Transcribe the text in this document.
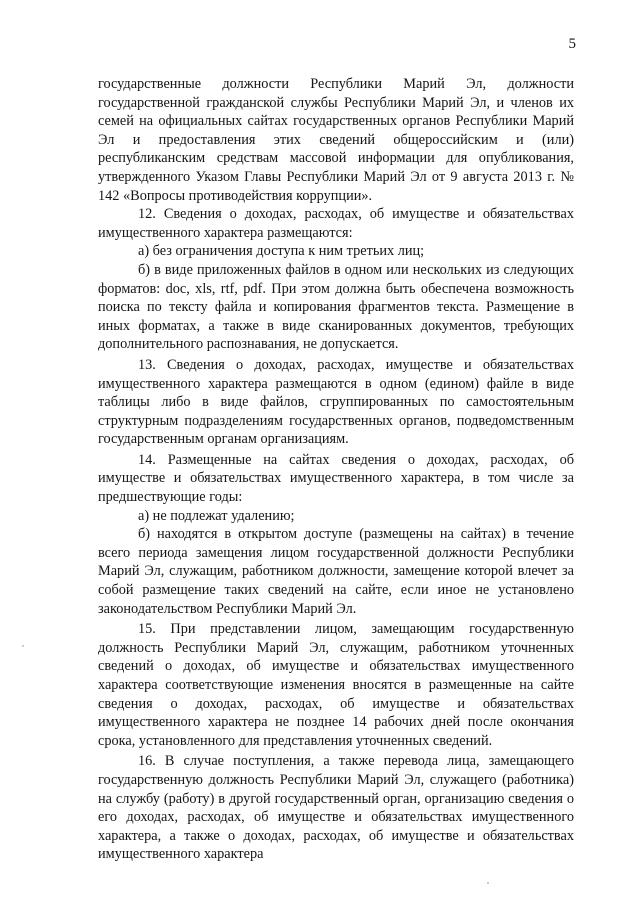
5

государственные должности Республики Марий Эл, должности государственной гражданской службы Республики Марий Эл, и членов их семей на официальных сайтах государственных органов Республики Марий Эл и предоставления этих сведений общероссийским и (или) республиканским средствам массовой информации для опубликования, утвержденного Указом Главы Республики Марий Эл от 9 августа 2013 г. № 142 «Вопросы противодействия коррупции».

12. Сведения о доходах, расходах, об имуществе и обязательствах имущественного характера размещаются:

а) без ограничения доступа к ним третьих лиц;

б) в виде приложенных файлов в одном или нескольких из следующих форматов: doc, xls, rtf, pdf. При этом должна быть обеспечена возможность поиска по тексту файла и копирования фрагментов текста. Размещение в иных форматах, а также в виде сканированных документов, требующих дополнительного распознавания, не допускается.

13. Сведения о доходах, расходах, имуществе и обязательствах имущественного характера размещаются в одном (едином) файле в виде таблицы либо в виде файлов, сгруппированных по самостоятельным структурным подразделениям государственных органов, подведомственным государственным органам организациям.

14. Размещенные на сайтах сведения о доходах, расходах, об имуществе и обязательствах имущественного характера, в том числе за предшествующие годы:

а) не подлежат удалению;

б) находятся в открытом доступе (размещены на сайтах) в течение всего периода замещения лицом государственной должности Республики Марий Эл, служащим, работником должности, замещение которой влечет за собой размещение таких сведений на сайте, если иное не установлено законодательством Республики Марий Эл.

15. При представлении лицом, замещающим государственную должность Республики Марий Эл, служащим, работником уточненных сведений о доходах, об имуществе и обязательствах имущественного характера соответствующие изменения вносятся в размещенные на сайте сведения о доходах, расходах, об имуществе и обязательствах имущественного характера не позднее 14 рабочих дней после окончания срока, установленного для представления уточненных сведений.

16. В случае поступления, а также перевода лица, замещающего государственную должность Республики Марий Эл, служащего (работника) на службу (работу) в другой государственный орган, организацию сведения о его доходах, расходах, об имуществе и обязательствах имущественного характера, а также о доходах, расходах, об имуществе и обязательствах имущественного характера
